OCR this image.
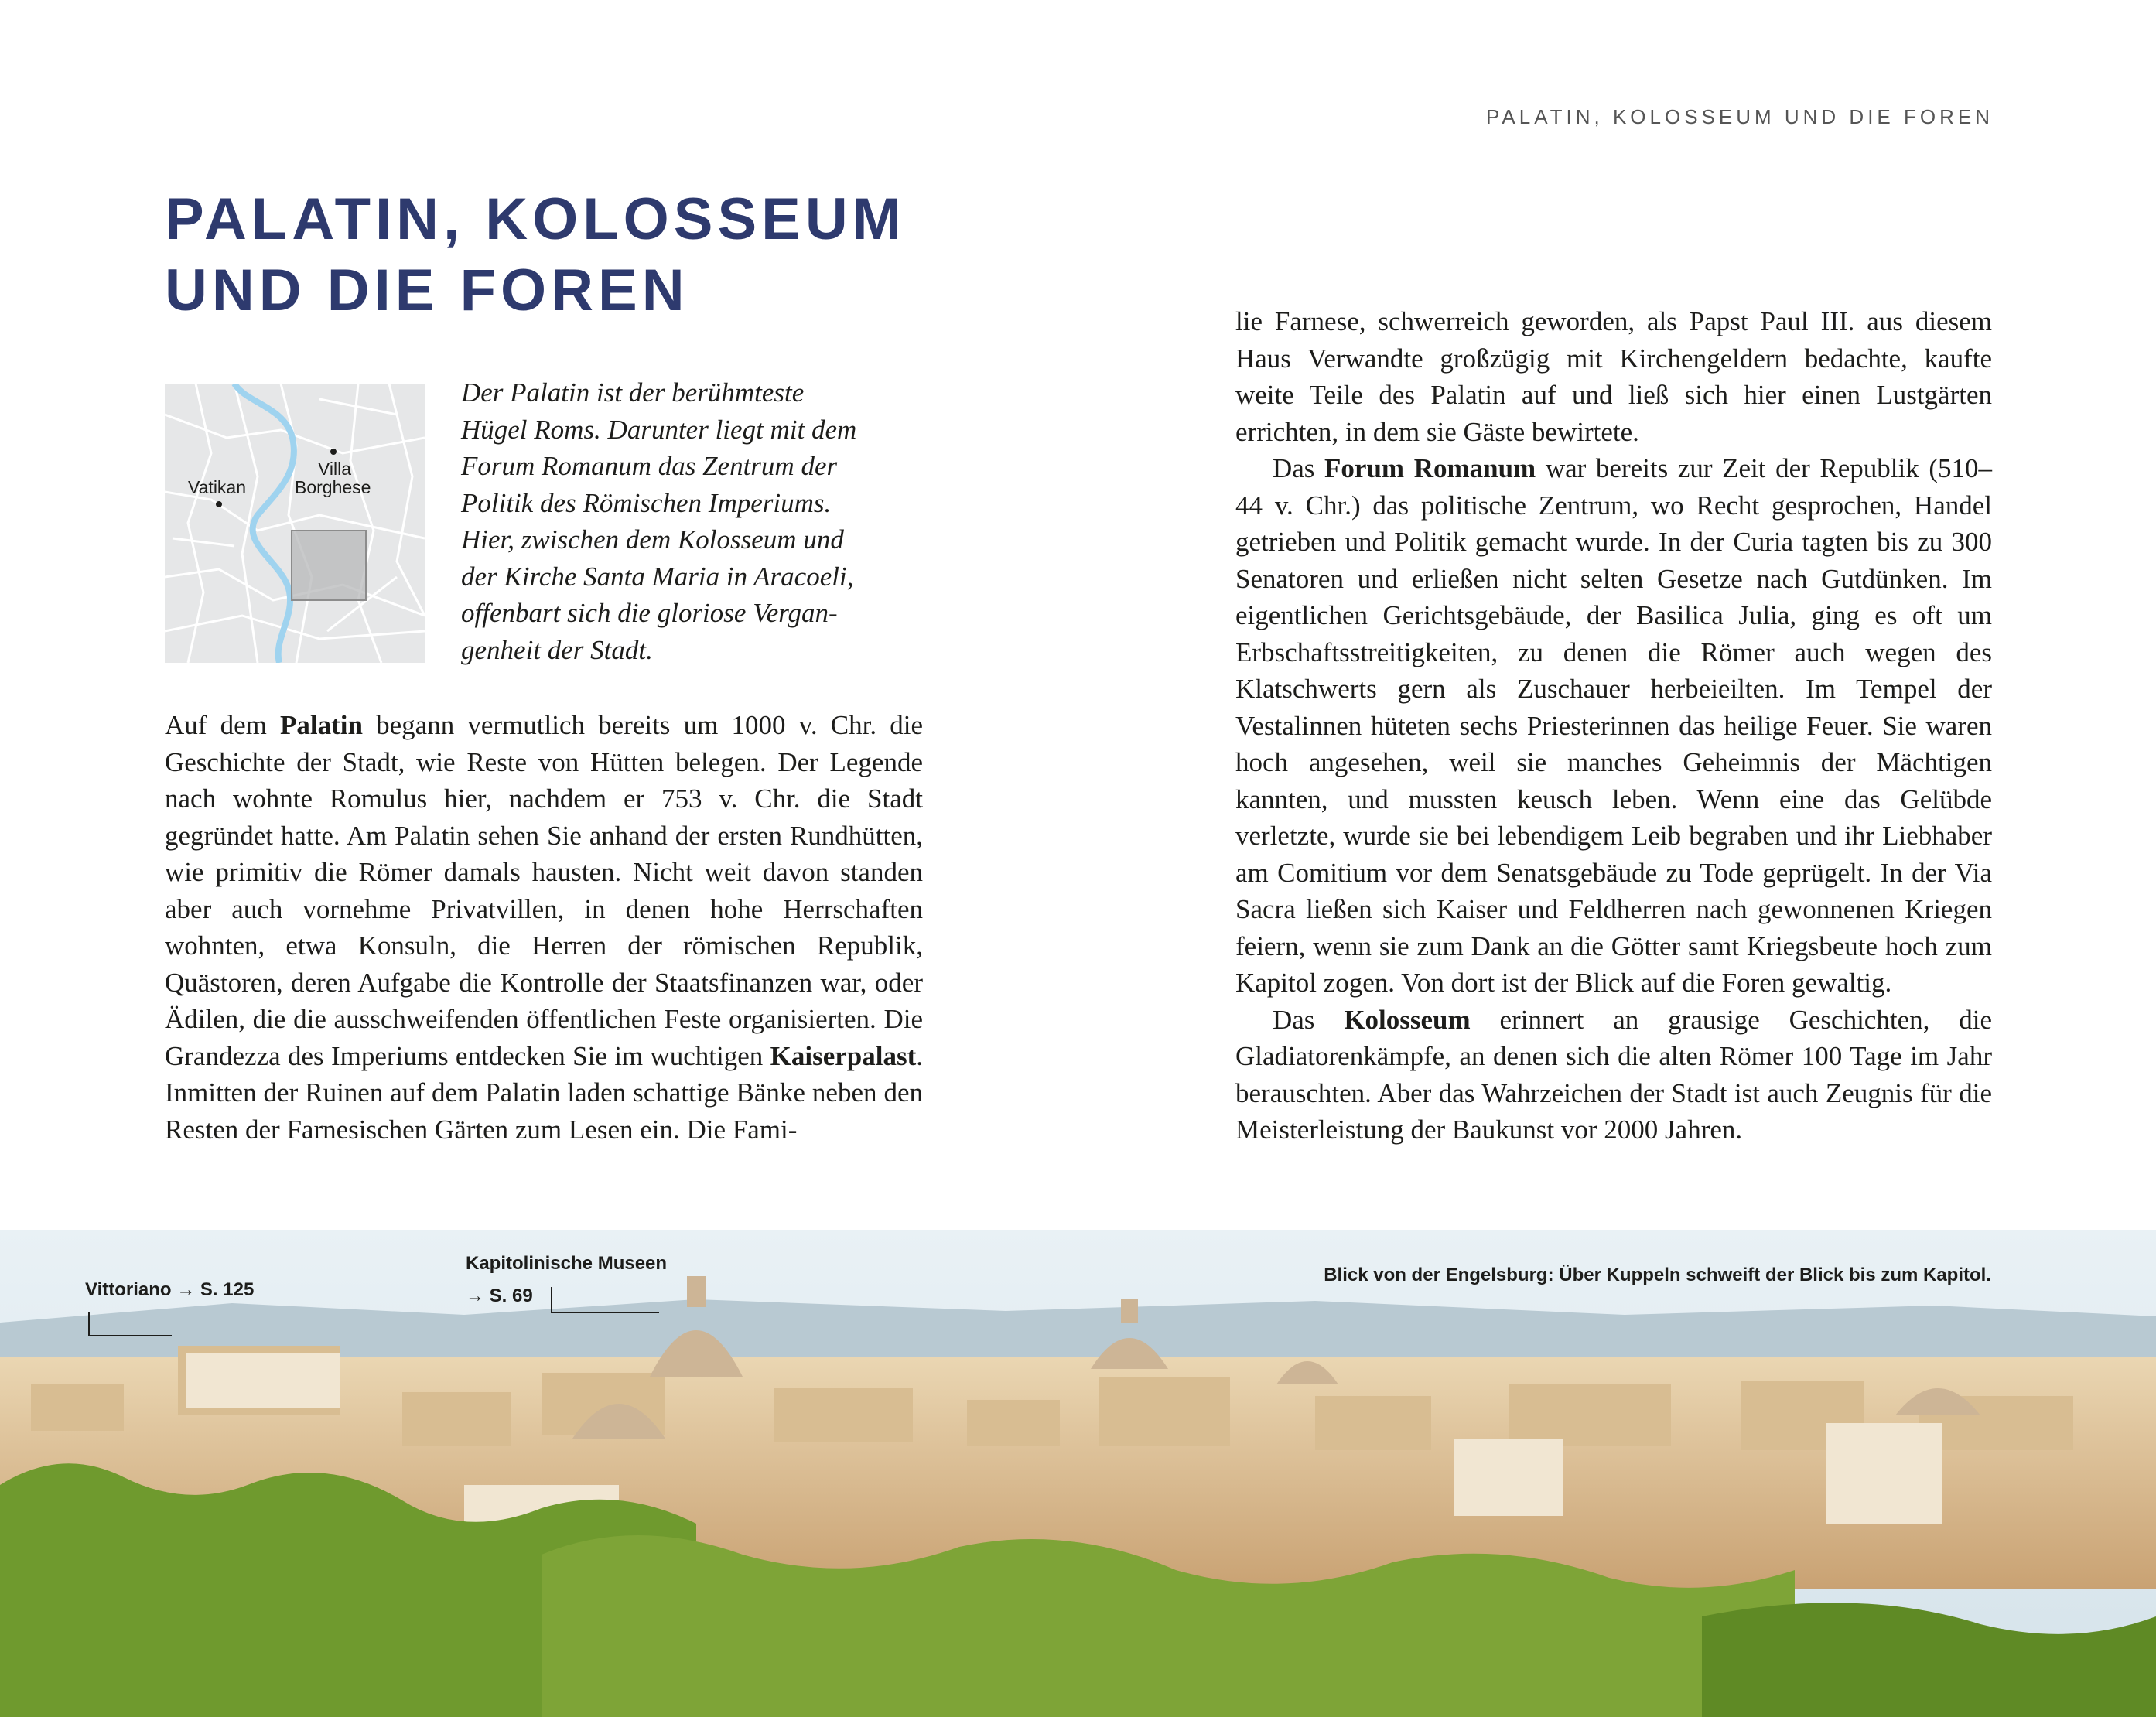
PALATIN, KOLOSSEUM UND DIE FOREN
PALATIN, KOLOSSEUM
UND DIE FOREN
Villa
Borghese
Vatikan
Der Palatin ist der berühmteste
Hügel Roms. Darunter liegt mit dem
Forum Romanum das Zentrum der
Politik des Römischen Imperiums.
Hier, zwischen dem Kolosseum und
der Kirche Santa Maria in Aracoeli,
offenbart sich die gloriose Vergan-
genheit der Stadt.

Auf dem Palatin begann vermutlich bereits um 1000 v. Chr. die Geschichte der Stadt, wie Reste von Hütten belegen. Der Legende nach wohnte Romulus hier, nachdem er 753 v. Chr. die Stadt gegründet hatte. Am Palatin sehen Sie anhand der ersten Rundhütten, wie primitiv die Römer damals hausten. Nicht weit davon standen aber auch vornehme Privatvillen, in denen hohe Herrschaften wohnten, etwa Konsuln, die Herren der römischen Republik, Quästoren, deren Aufgabe die Kontrolle der Staatsfinanzen war, oder Ädilen, die die ausschweifenden öffentlichen Feste organisierten. Die Grandezza des Imperiums entdecken Sie im wuchtigen Kaiserpalast. Inmitten der Ruinen auf dem Palatin laden schattige Bänke neben den Resten der Farnesischen Gärten zum Lesen ein. Die Fami-

lie Farnese, schwerreich geworden, als Papst Paul III. aus diesem Haus Verwandte großzügig mit Kirchengeldern bedachte, kaufte weite Teile des Palatin auf und ließ sich hier einen Lustgärten errichten, in dem sie Gäste bewirtete.

Das Forum Romanum war bereits zur Zeit der Republik (510–44 v. Chr.) das politische Zentrum, wo Recht gesprochen, Handel getrieben und Politik gemacht wurde. In der Curia tagten bis zu 300 Senatoren und erließen nicht selten Gesetze nach Gutdünken. Im eigentlichen Gerichtsgebäude, der Basilica Julia, ging es oft um Erbschaftsstreitigkeiten, zu denen die Römer auch wegen des Klatschwerts gern als Zuschauer herbeieilten. Im Tempel der Vestalinnen hüteten sechs Priesterinnen das heilige Feuer. Sie waren hoch angesehen, weil sie manches Geheimnis der Mächtigen kannten, und mussten keusch leben. Wenn eine das Gelübde verletzte, wurde sie bei lebendigem Leib begraben und ihr Liebhaber am Comitium vor dem Senatsgebäude zu Tode geprügelt. In der Via Sacra ließen sich Kaiser und Feldherren nach gewonnenen Kriegen feiern, wenn sie zum Dank an die Götter samt Kriegsbeute hoch zum Kapitol zogen. Von dort ist der Blick auf die Foren gewaltig.

Das Kolosseum erinnert an grausige Geschichten, die Gladiatorenkämpfe, an denen sich die alten Römer 100 Tage im Jahr berauschten. Aber das Wahrzeichen der Stadt ist auch Zeugnis für die Meisterleistung der Baukunst vor 2000 Jahren.

Blick von der Engelsburg: Über Kuppeln schweift der Blick bis zum Kapitol.
Vittoriano → S. 125
Kapitolinische Museen
→ S. 69
